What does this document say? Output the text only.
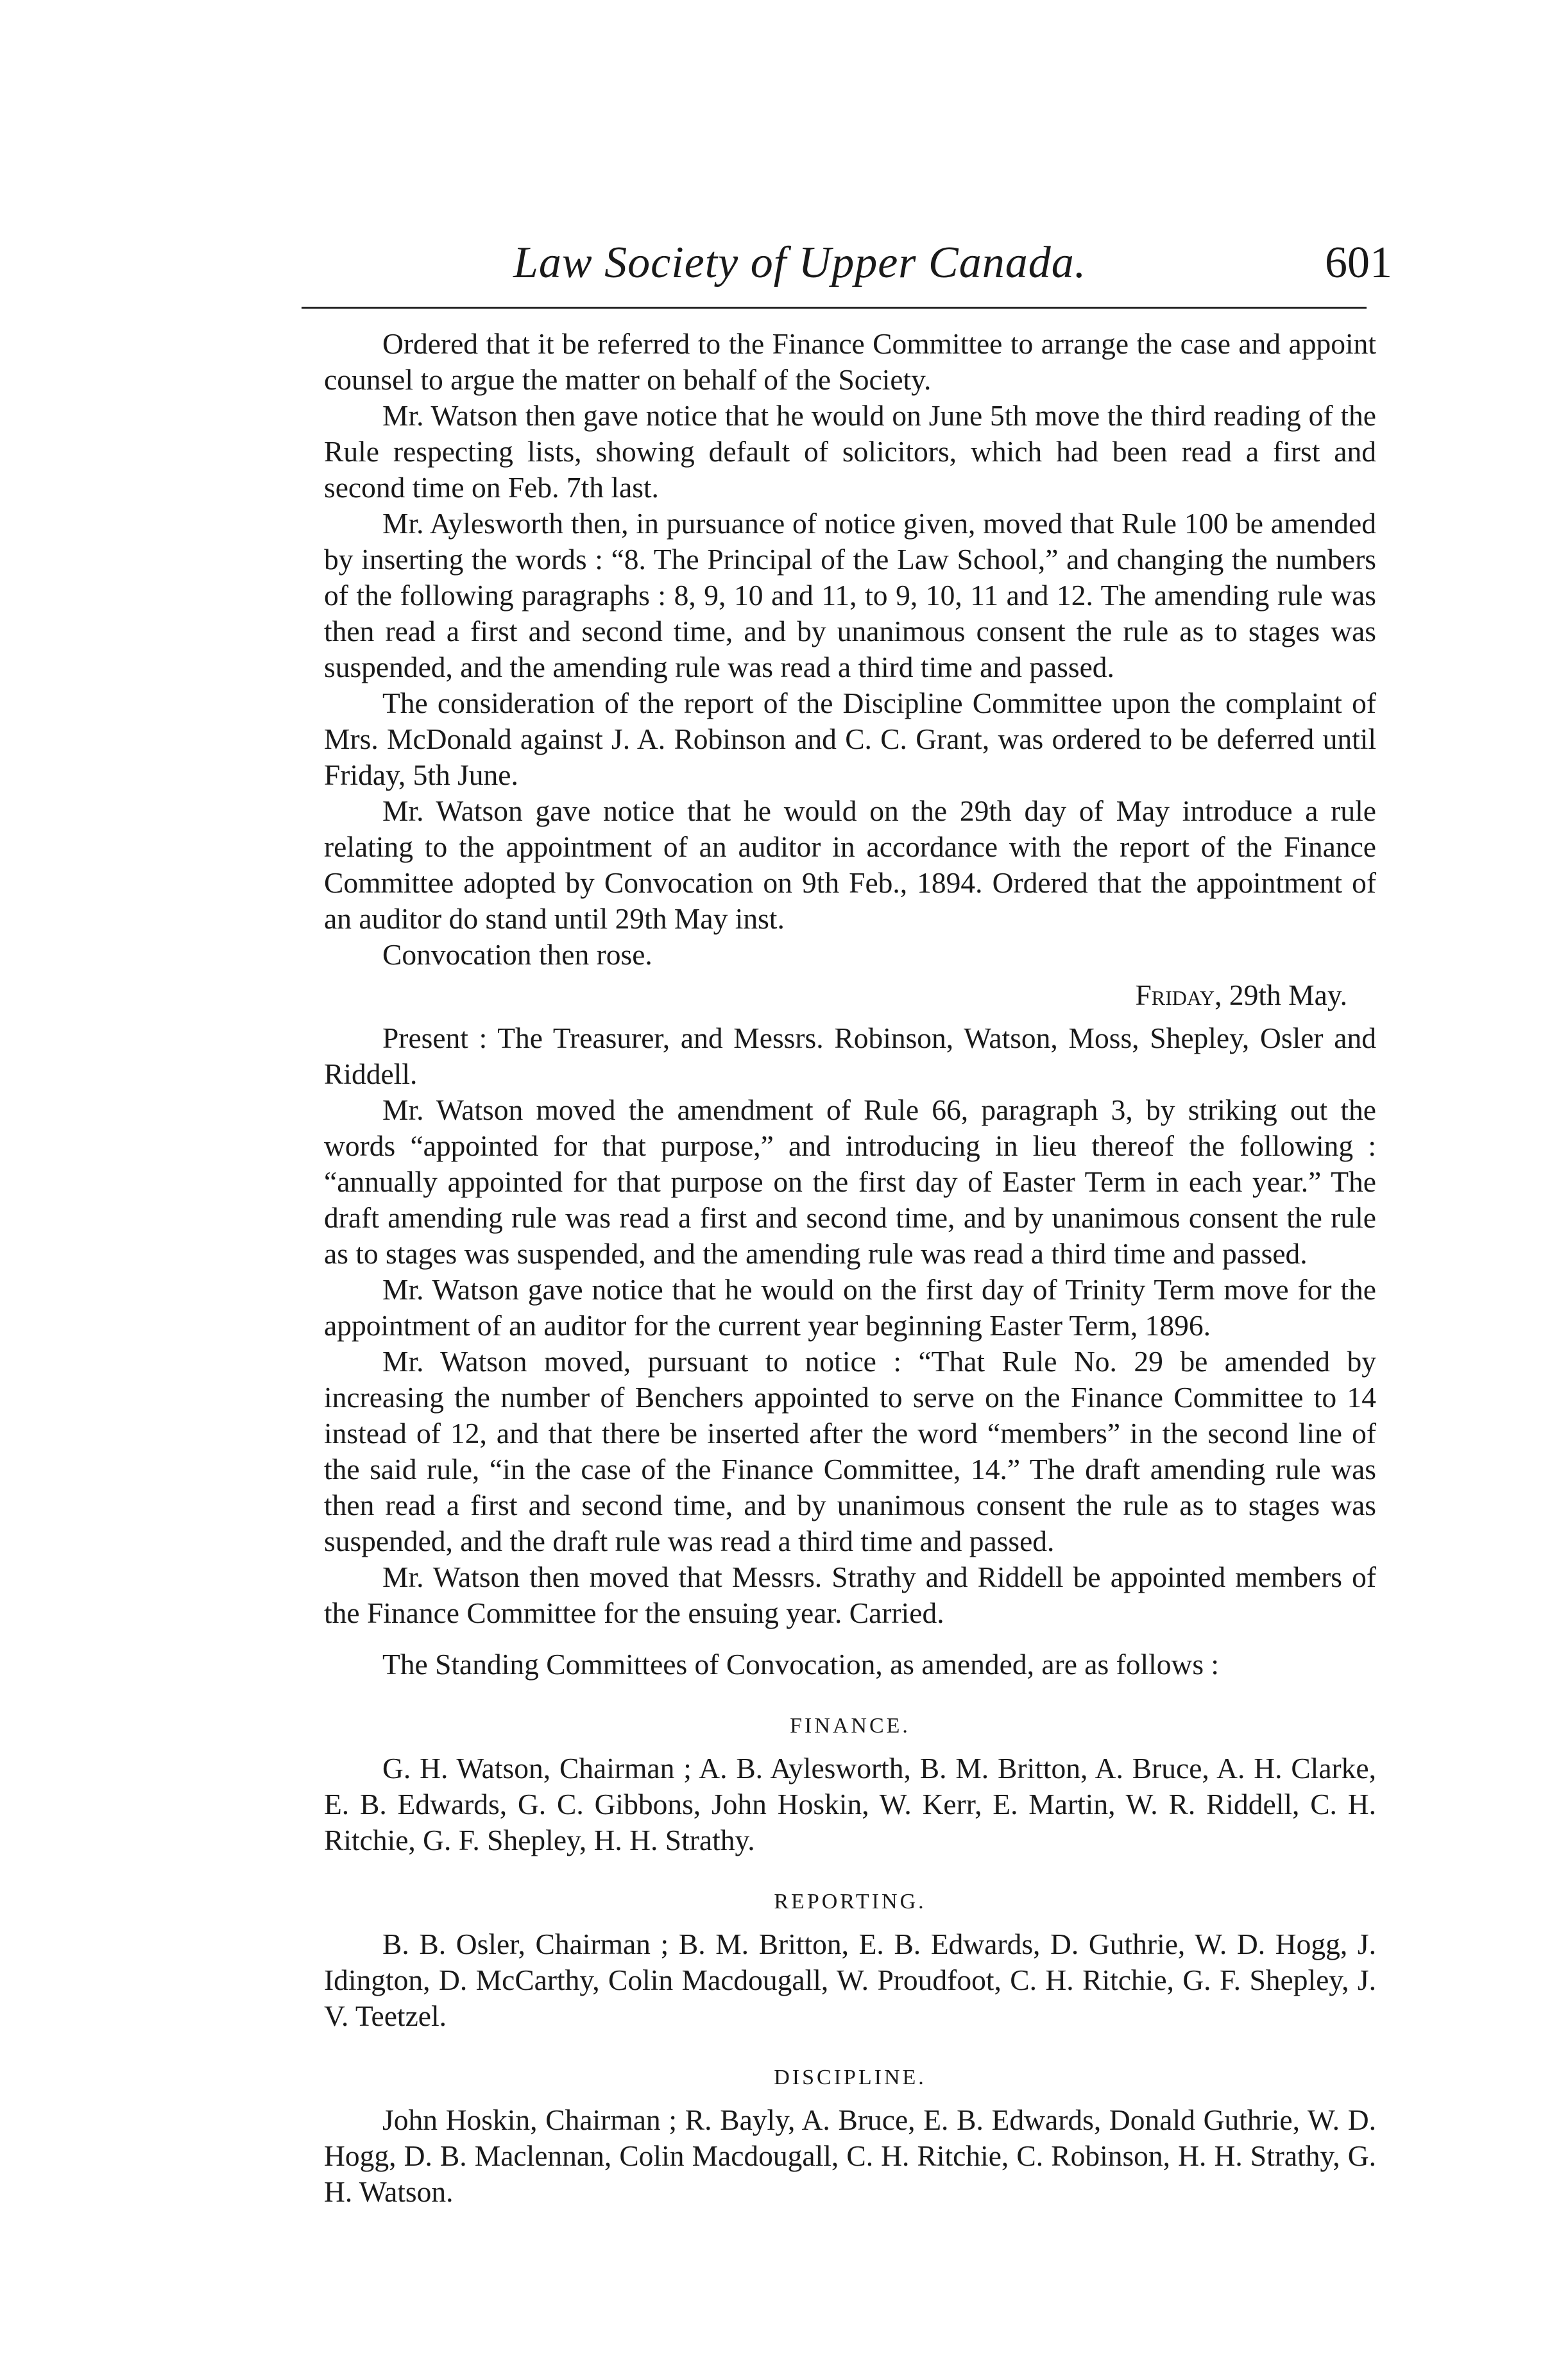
Law Society of Upper Canada.	601

Ordered that it be referred to the Finance Committee to arrange the case and appoint counsel to argue the matter on behalf of the Society.

Mr. Watson then gave notice that he would on June 5th move the third reading of the Rule respecting lists, showing default of solicitors, which had been read a first and second time on Feb. 7th last.

Mr. Aylesworth then, in pursuance of notice given, moved that Rule 100 be amended by inserting the words : “8. The Principal of the Law School,” and changing the numbers of the following paragraphs : 8, 9, 10 and 11, to 9, 10, 11 and 12. The amending rule was then read a first and second time, and by unanimous consent the rule as to stages was suspended, and the amending rule was read a third time and passed.

The consideration of the report of the Discipline Committee upon the complaint of Mrs. McDonald against J. A. Robinson and C. C. Grant, was ordered to be deferred until Friday, 5th June.

Mr. Watson gave notice that he would on the 29th day of May introduce a rule relating to the appointment of an auditor in accordance with the report of the Finance Committee adopted by Convocation on 9th Feb., 1894. Ordered that the appointment of an auditor do stand until 29th May inst.

Convocation then rose.

Friday, 29th May.

Present : The Treasurer, and Messrs. Robinson, Watson, Moss, Shepley, Osler and Riddell.

Mr. Watson moved the amendment of Rule 66, paragraph 3, by striking out the words “appointed for that purpose,” and introducing in lieu thereof the following : “annually appointed for that purpose on the first day of Easter Term in each year.” The draft amending rule was read a first and second time, and by unanimous consent the rule as to stages was suspended, and the amending rule was read a third time and passed.

Mr. Watson gave notice that he would on the first day of Trinity Term move for the appointment of an auditor for the current year beginning Easter Term, 1896.

Mr. Watson moved, pursuant to notice : “That Rule No. 29 be amended by increasing the number of Benchers appointed to serve on the Finance Committee to 14 instead of 12, and that there be inserted after the word “members” in the second line of the said rule, “in the case of the Finance Committee, 14.” The draft amending rule was then read a first and second time, and by unanimous consent the rule as to stages was suspended, and the draft rule was read a third time and passed.

Mr. Watson then moved that Messrs. Strathy and Riddell be appointed members of the Finance Committee for the ensuing year. Carried.

The Standing Committees of Convocation, as amended, are as follows :

FINANCE.

G. H. Watson, Chairman ; A. B. Aylesworth, B. M. Britton, A. Bruce, A. H. Clarke, E. B. Edwards, G. C. Gibbons, John Hoskin, W. Kerr, E. Martin, W. R. Riddell, C. H. Ritchie, G. F. Shepley, H. H. Strathy.

REPORTING.

B. B. Osler, Chairman ; B. M. Britton, E. B. Edwards, D. Guthrie, W. D. Hogg, J. Idington, D. McCarthy, Colin Macdougall, W. Proudfoot, C. H. Ritchie, G. F. Shepley, J. V. Teetzel.

DISCIPLINE.

John Hoskin, Chairman ; R. Bayly, A. Bruce, E. B. Edwards, Donald Guthrie, W. D. Hogg, D. B. Maclennan, Colin Macdougall, C. H. Ritchie, C. Robinson, H. H. Strathy, G. H. Watson.
